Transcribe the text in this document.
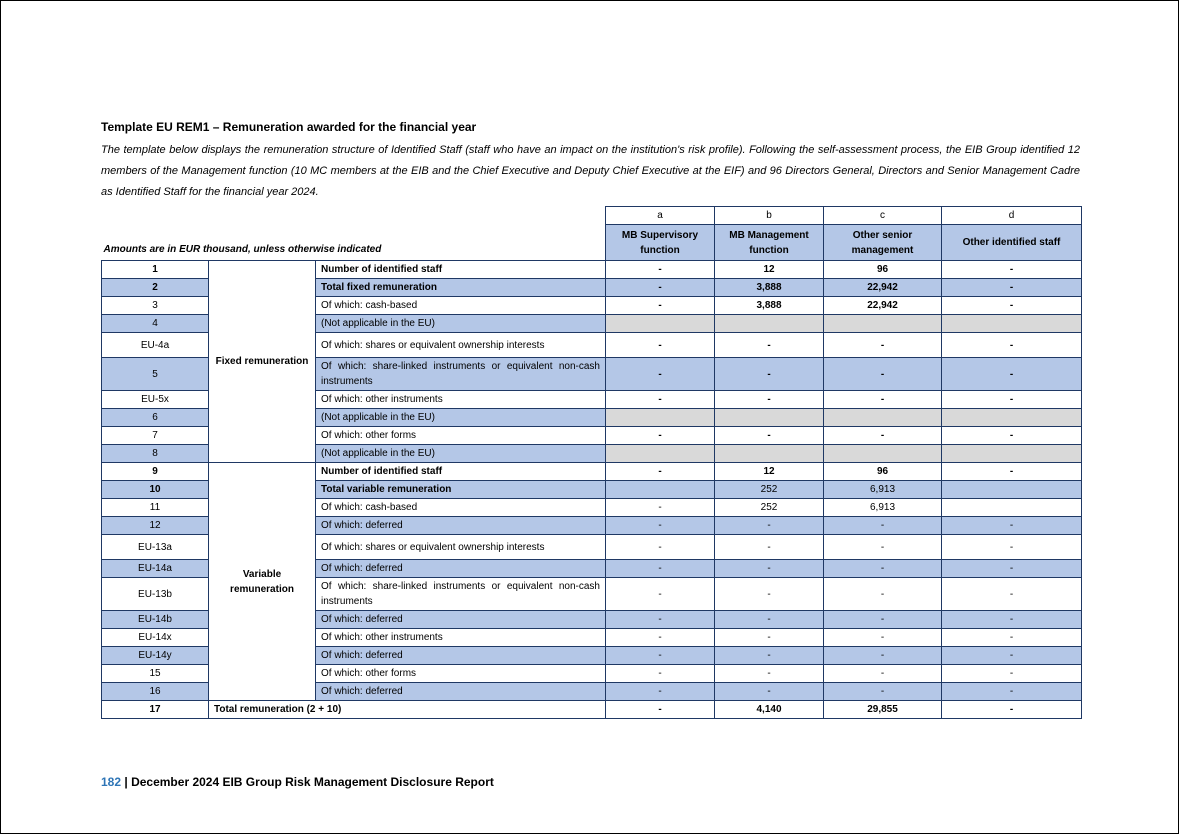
Template EU REM1 – Remuneration awarded for the financial year
The template below displays the remuneration structure of Identified Staff (staff who have an impact on the institution's risk profile). Following the self-assessment process, the EIB Group identified 12 members of the Management function (10 MC members at the EIB and the Chief Executive and Deputy Chief Executive at the EIF) and 96 Directors General, Directors and Senior Management Cadre as Identified Staff for the financial year 2024.
Amounts are in EUR thousand, unless otherwise indicated			a	b	c	d
			MB Supervisory function	MB Management function	Other senior management	Other identified staff
1	Fixed remuneration	Number of identified staff	-	12	96	-
2		Total fixed remuneration	-	3,888	22,942	-
3		Of which: cash-based	-	3,888	22,942	-
4		(Not applicable in the EU)				
EU-4a		Of which: shares or equivalent ownership interests	-	-	-	-
5		Of which: share-linked instruments or equivalent non-cash instruments	-	-	-	-
EU-5x		Of which: other instruments	-	-	-	-
6		(Not applicable in the EU)				
7		Of which: other forms	-	-	-	-
8		(Not applicable in the EU)				
9	Variable remuneration	Number of identified staff	-	12	96	-
10		Total variable remuneration		252	6,913	
11		Of which: cash-based	-	252	6,913	
12		Of which: deferred	-	-	-	-
EU-13a		Of which: shares or equivalent ownership interests	-	-	-	-
EU-14a		Of which: deferred	-	-	-	-
EU-13b		Of which: share-linked instruments or equivalent non-cash instruments	-	-	-	-
EU-14b		Of which: deferred	-	-	-	-
EU-14x		Of which: other instruments	-	-	-	-
EU-14y		Of which: deferred	-	-	-	-
15		Of which: other forms	-	-	-	-
16		Of which: deferred	-	-	-	-
17	Total remuneration (2 + 10)		-	4,140	29,855	-
182 | December 2024 EIB Group Risk Management Disclosure Report
